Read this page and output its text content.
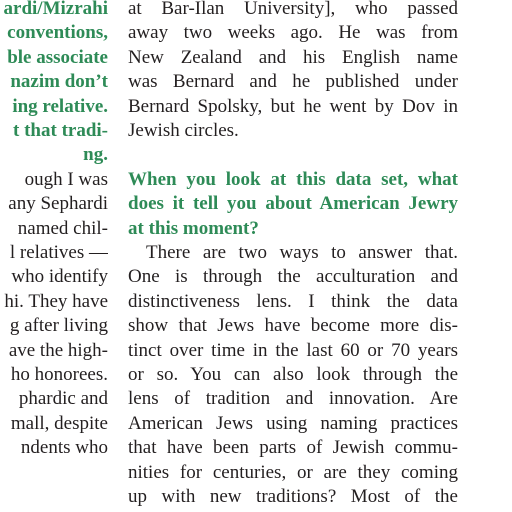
ardi/Mizrahi
conventions,
ble associate
nazim don’t
ing relative.
t that tradi-
ng.
ough I was
any Sephardi
named chil-
l relatives —
who identify
hi. They have
g after living
ave the high-
ho honorees.
phardic and
mall, despite
ndents who
at Bar-Ilan University], who passed
away two weeks ago. He was from
New Zealand and his English name
was Bernard and he published under
Bernard Spolsky, but he went by Dov in
Jewish circles.
When you look at this data set, what
does it tell you about American Jewry
at this moment?
There are two ways to answer that.
One is through the acculturation and
distinctiveness lens. I think the data
show that Jews have become more dis-
tinct over time in the last 60 or 70 years
or so. You can also look through the
lens of tradition and innovation. Are
American Jews using naming practices
that have been parts of Jewish commu-
nities for centuries, or are they coming
up with new traditions? Most of the
